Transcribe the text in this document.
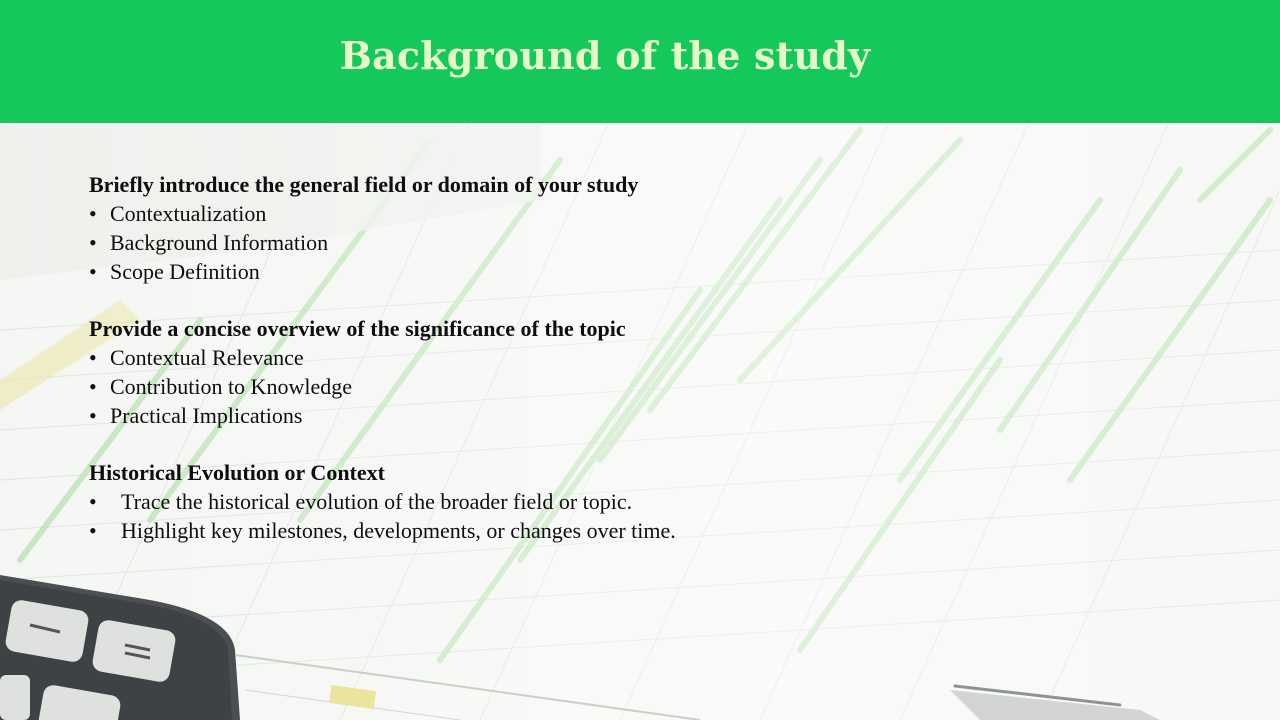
Background of the study

Briefly introduce the general field or domain of your study

• Contextualization
• Background Information
• Scope Definition

Provide a concise overview of the significance of the topic

• Contextual Relevance
• Contribution to Knowledge
• Practical Implications

Historical Evolution or Context

• Trace the historical evolution of the broader field or topic.
• Highlight key milestones, developments, or changes over time.
